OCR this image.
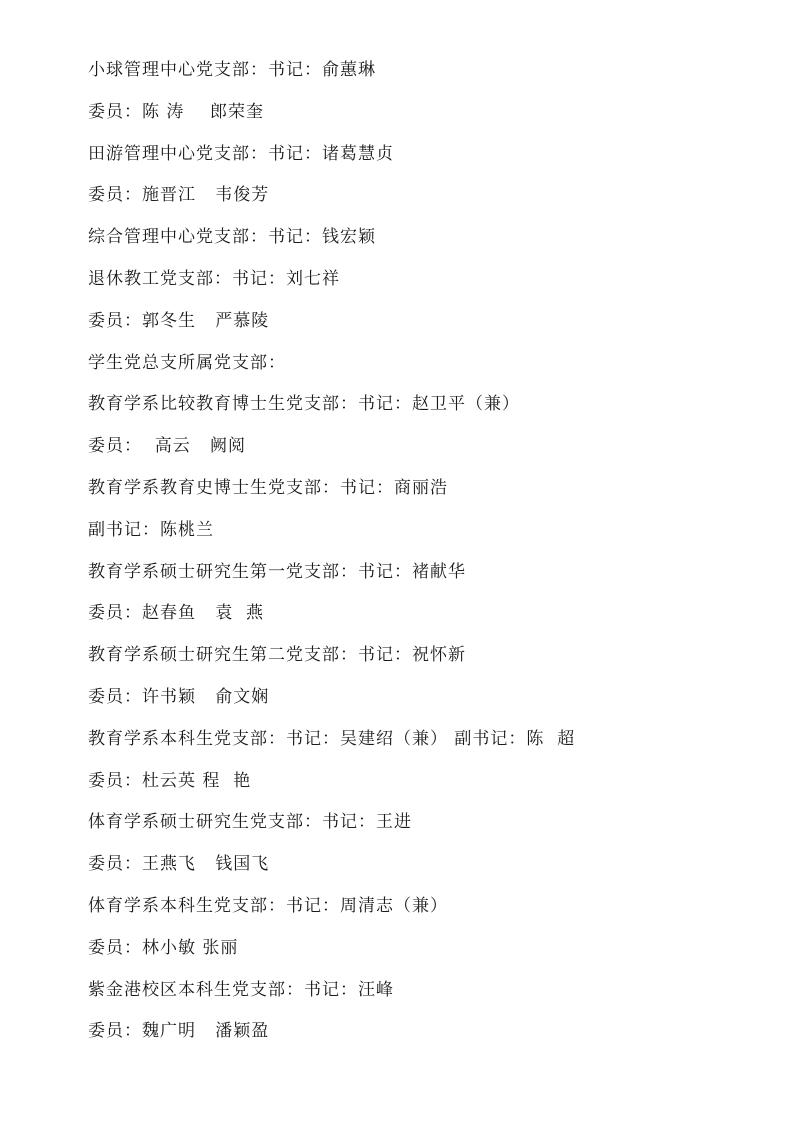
小球管理中心党支部：书记：俞蕙琳

委员：陈 涛    郎荣奎

田游管理中心党支部：书记：诸葛慧贞

委员：施晋江   韦俊芳

综合管理中心党支部：书记：钱宏颖

退休教工党支部：书记：刘七祥

委员：郭冬生   严慕陵

学生党总支所属党支部：

教育学系比较教育博士生党支部：书记：赵卫平（兼）

委员：  高云   阙阅

教育学系教育史博士生党支部：书记：商丽浩

副书记：陈桃兰

教育学系硕士研究生第一党支部：书记：褚献华

委员：赵春鱼   袁  燕

教育学系硕士研究生第二党支部：书记：祝怀新

委员：许书颖   俞文娴

教育学系本科生党支部：书记：吴建绍（兼） 副书记：陈  超

委员：杜云英 程  艳

体育学系硕士研究生党支部：书记：王进

委员：王燕飞   钱国飞

体育学系本科生党支部：书记：周清志（兼）

委员：林小敏 张丽

紫金港校区本科生党支部：书记：汪峰

委员：魏广明   潘颖盈
